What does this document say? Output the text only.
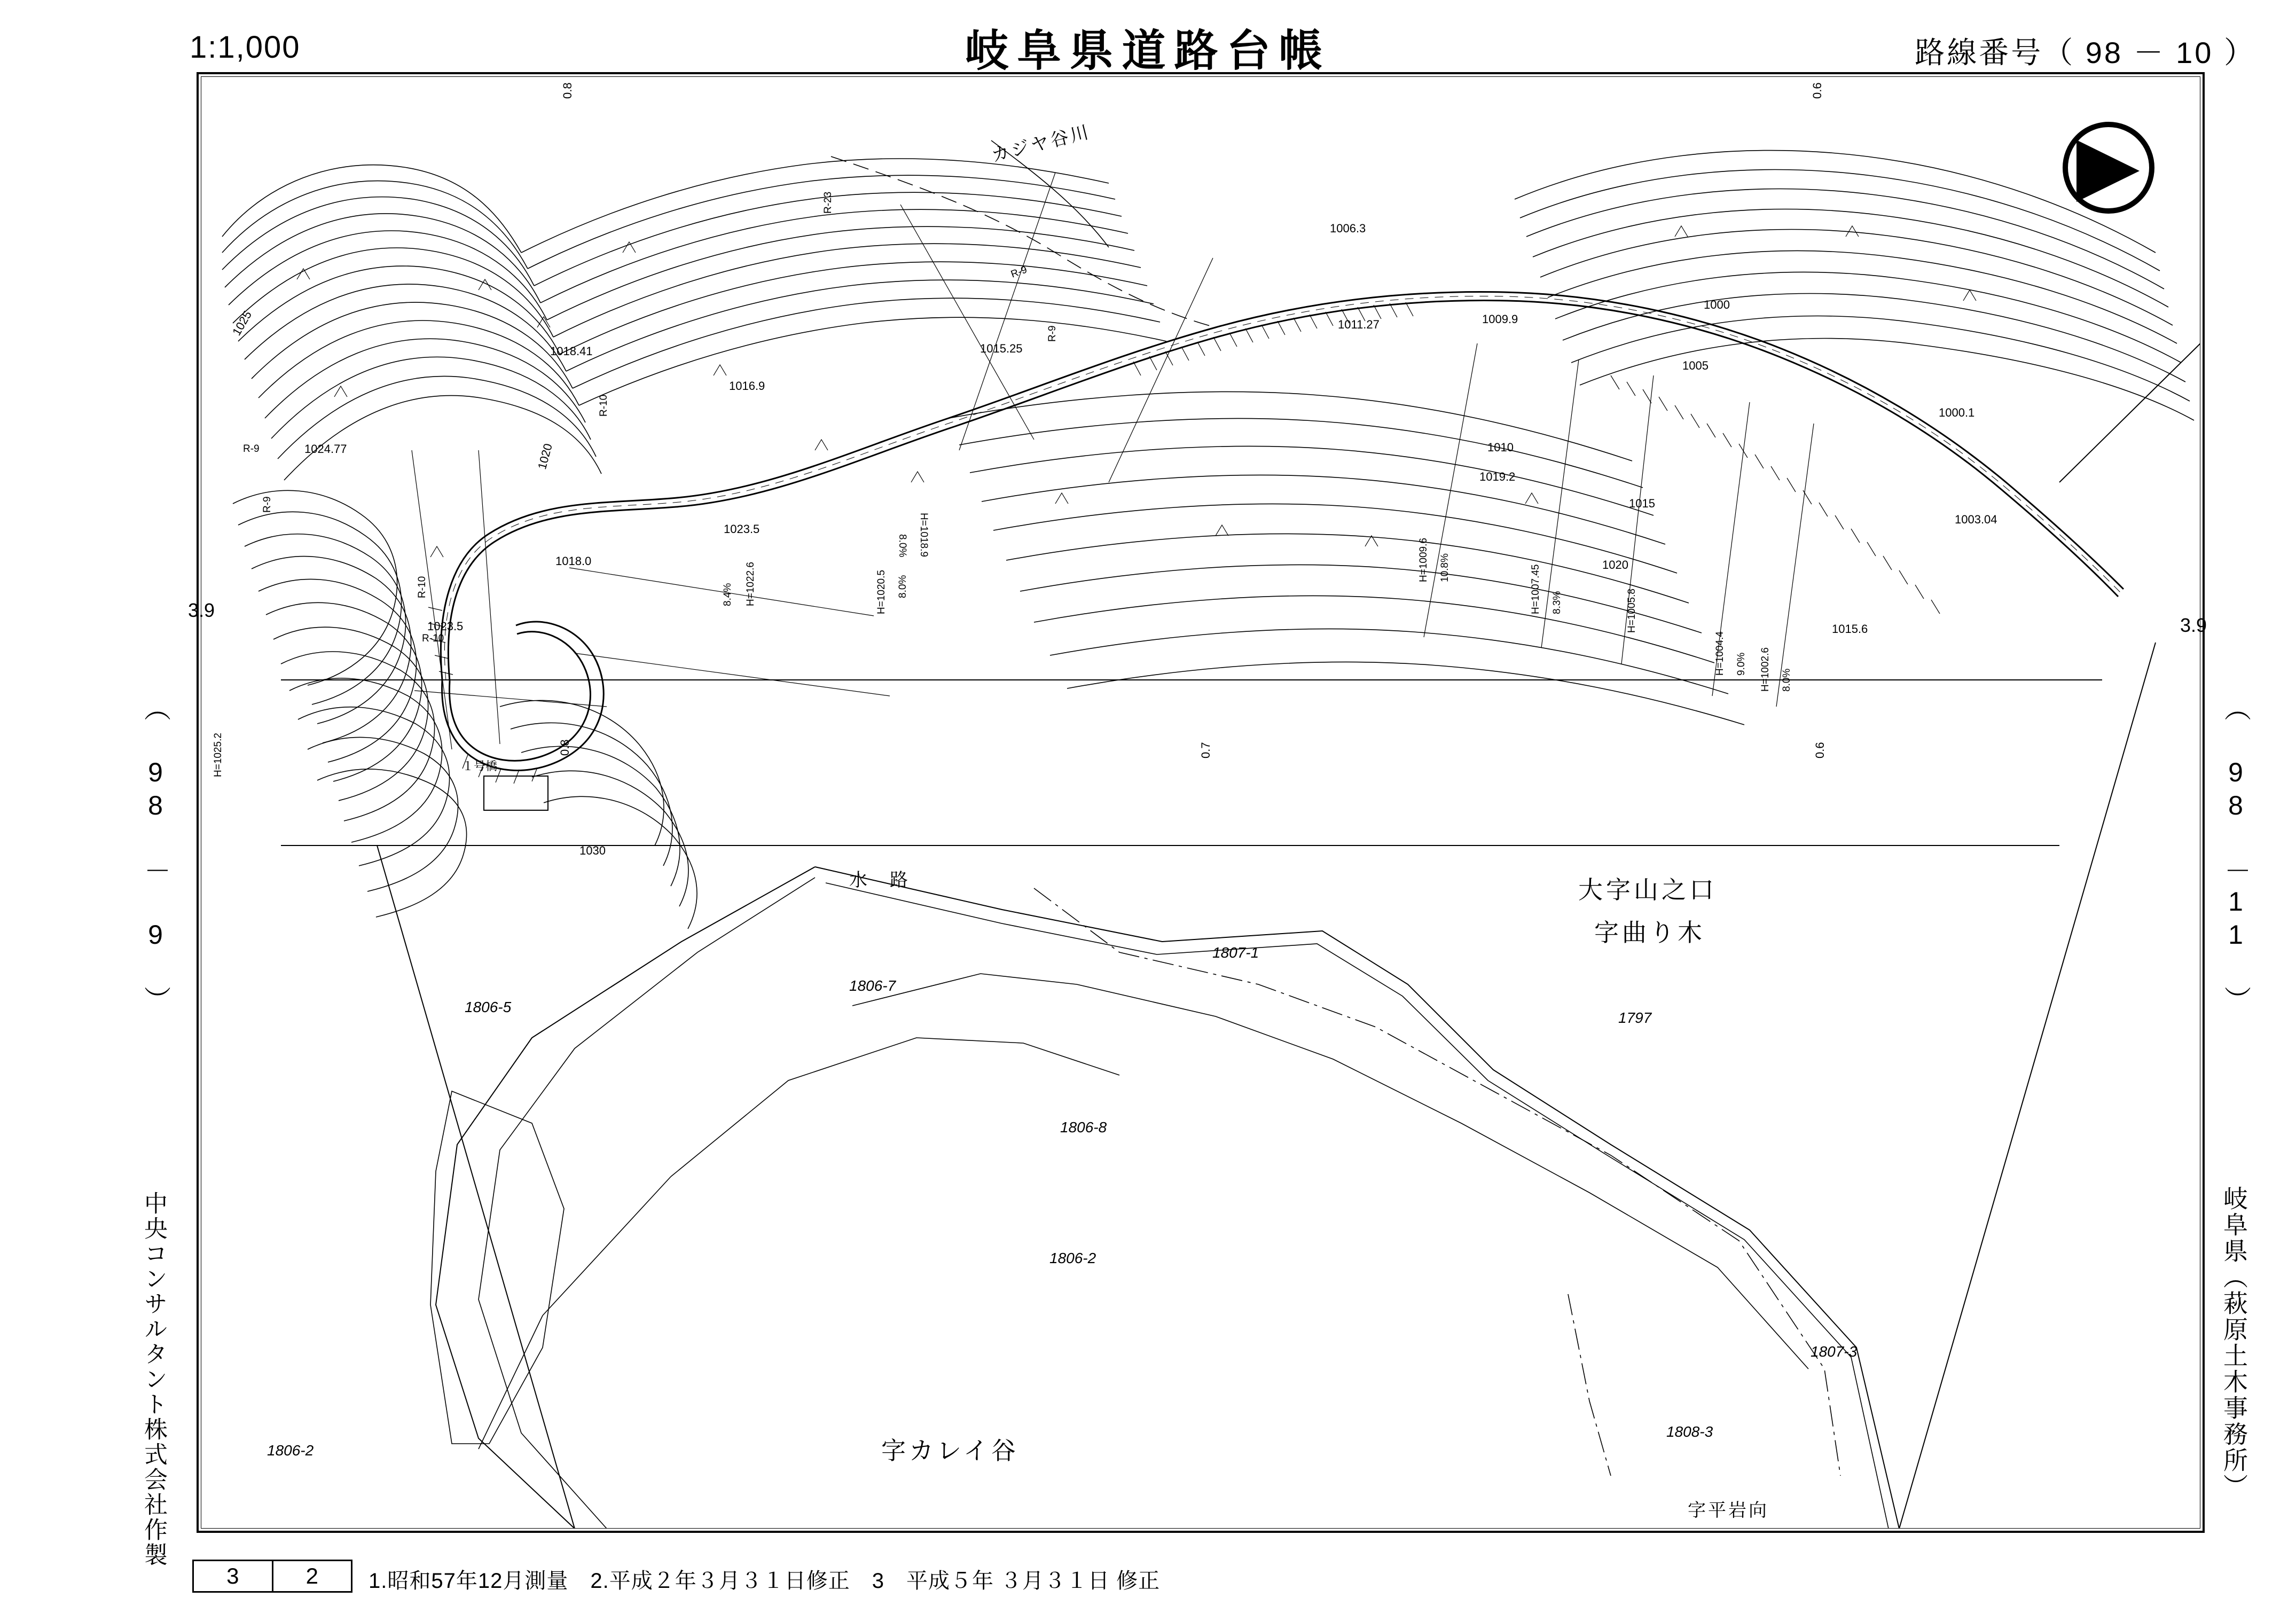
1:1,000	岐阜県道路台帳	路線番号（ 98 － 10 ）
（ 98 － 9 ）	（ 98 －11 ）
中央コンサルタント株式会社作製	岐阜県（萩原土木事務所）
3.9
3.9
3	2	1.昭和57年12月測量　2.平成２年３月３１日修正　3　平成５年 ３月３１日 修正
カジヤ谷川
水　路	大字山之口
字曲り木
字カレイ谷
字平岩向
１号橋
1806-5
1806-7
1806-8
1806-2
1806-2
1807-1
1797
1807-3
1808-3
1006.3
1011.27	1009.9
1015.25
1016.9
1018.41
1024.77
1023.5
1023.5
1018.0
1019.2
1003.04
1015.6
1000.1
1000
1005
1010
1015
1020
1025
1030
1020
H=1018.9
8.0%
H=1020.5 8.0%
H=1009.6 10.8%	H=1007.45 8.3%	H=1005.8
H=1004.4 9.0% H=1002.6 8.0%
H=1022.6
8.4%
H=1025.2
R-23
R-9
R-9
R-10
R-9
R-10
R-10
R-9
0.8	0.6
0.7	0.6
0.8
